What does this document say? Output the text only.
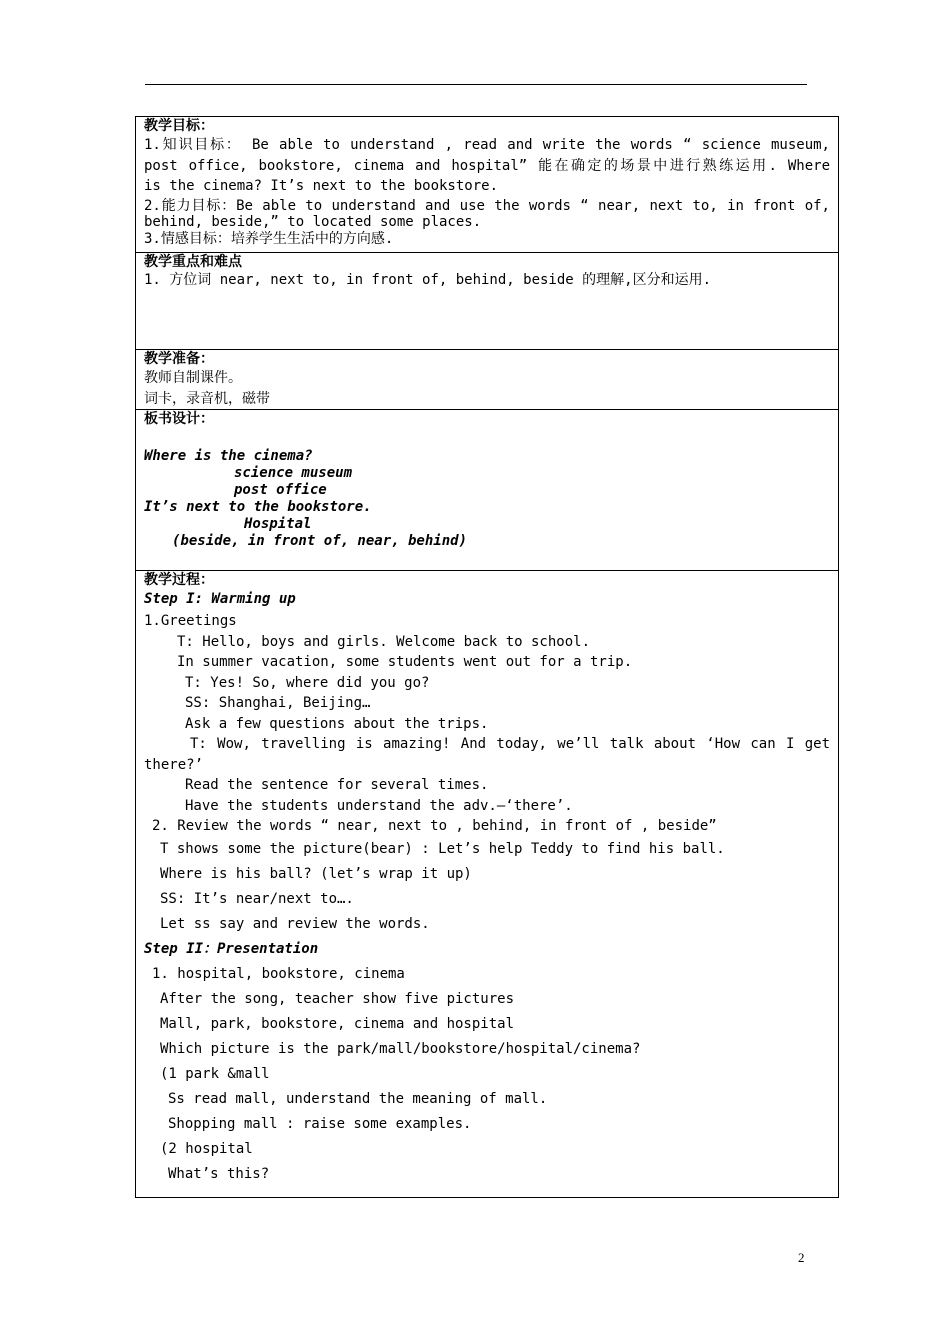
教学目标：
1.知识目标： Be able to understand , read and write the words “ science museum,
post office, bookstore, cinema and hospital” 能在确定的场景中进行熟练运用. Where
is the cinema? It’s next to the bookstore.
2.能力目标：Be able to understand and use the words “ near, next to, in front of,
behind, beside,” to located some places.
3.情感目标：培养学生生活中的方向感.
教学重点和难点
1. 方位词 near, next to, in front of, behind, beside 的理解,区分和运用.
教学准备：
教师自制课件。
词卡，录音机，磁带
板书设计：
Where is the cinema?
science museum
post office
It’s next to the bookstore.
Hospital
(beside, in front of, near, behind)
教学过程：
Step I: Warming up
1.Greetings
T: Hello, boys and girls. Welcome back to school.
In summer vacation, some students went out for a trip.
T: Yes! So, where did you go?
SS: Shanghai, Beijing…
Ask a few questions about the trips.
T: Wow, travelling is amazing! And today, we’ll talk about ‘How can I get
there?’
Read the sentence for several times.
Have the students understand the adv.—‘there’.
2. Review the words “ near, next to , behind, in front of , beside”
T shows some the picture(bear) : Let’s help Teddy to find his ball.
Where is his ball? (let’s wrap it up)
SS: It’s near/next to….
Let ss say and review the words.
Step II：Presentation
1. hospital, bookstore, cinema
After the song, teacher show five pictures
Mall, park, bookstore, cinema and hospital
Which picture is the park/mall/bookstore/hospital/cinema?
(1 park &mall
Ss read mall, understand the meaning of mall.
Shopping mall : raise some examples.
(2 hospital
What’s this?
2
